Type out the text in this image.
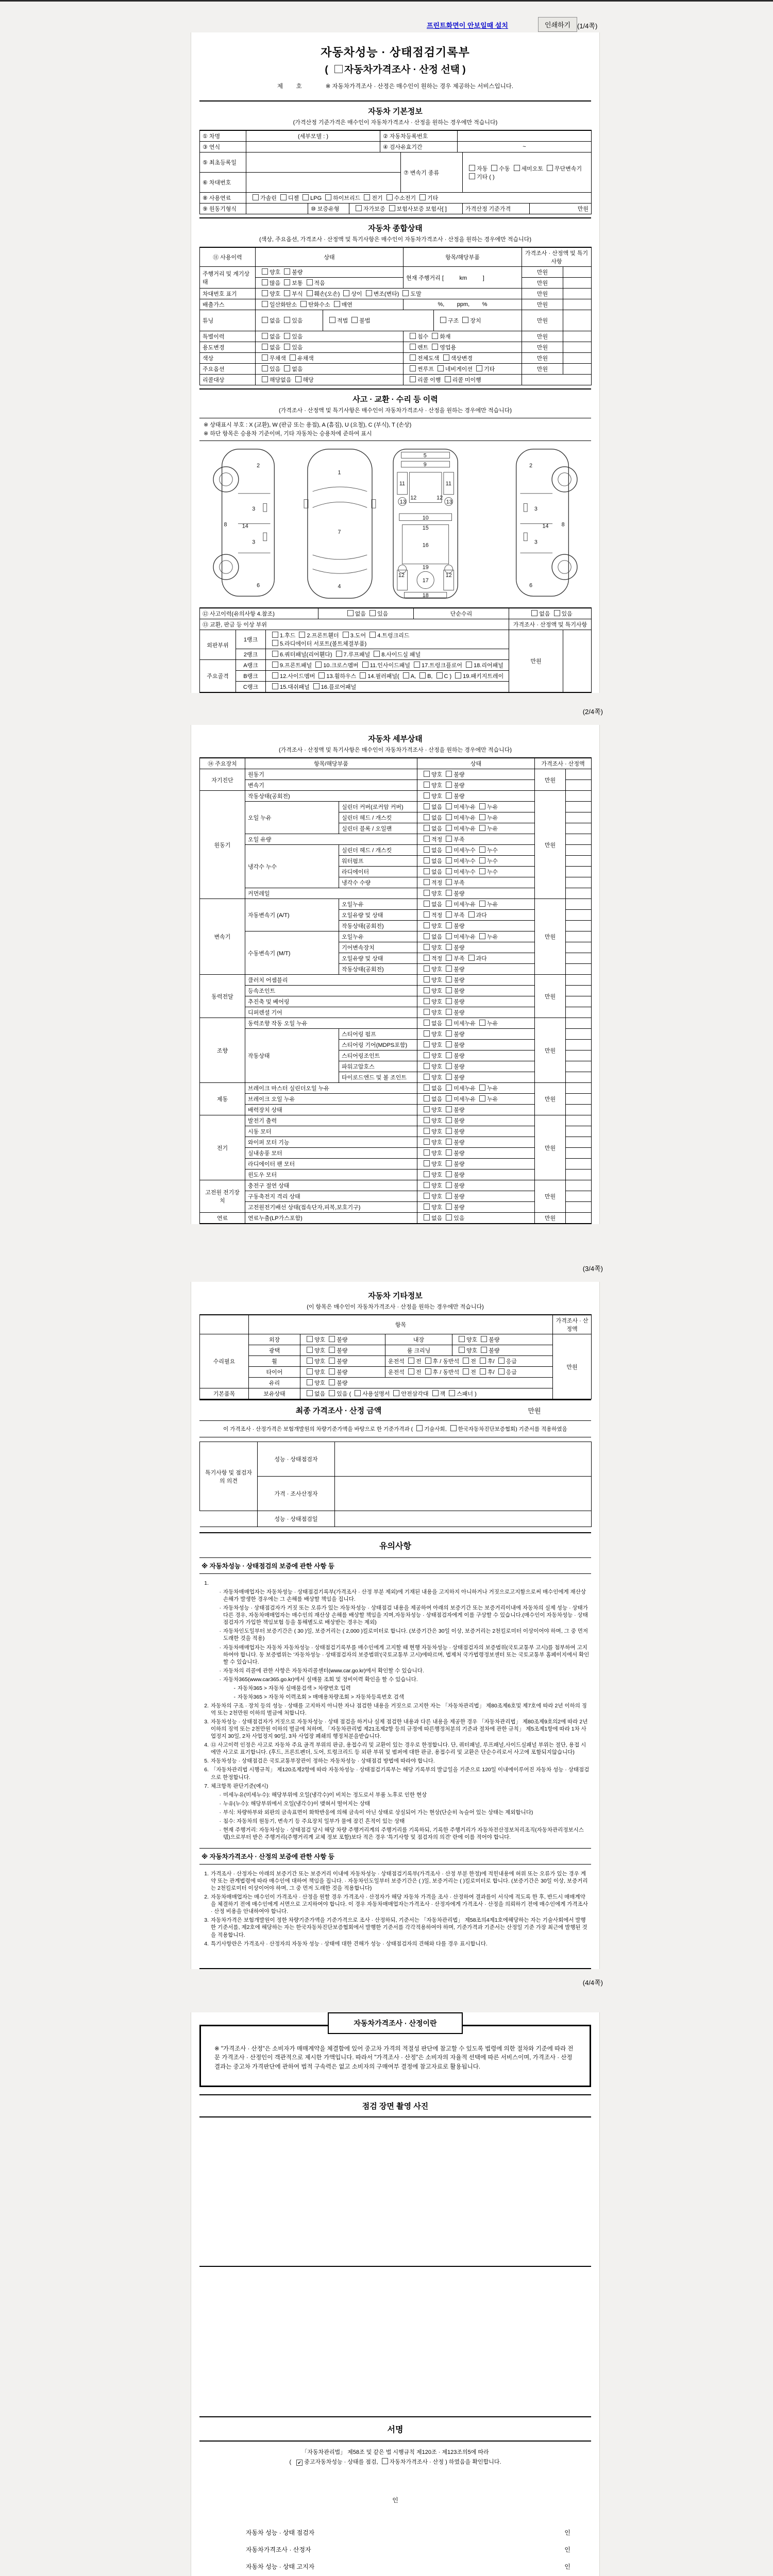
프린트화면이 안보일때 설치	인쇄하기 (1/4쪽)
자동차성능 · 상태점검기록부
( 자동차가격조사 · 산정 선택 )
제        호	※ 자동차가격조사 · 산정은 매수인이 원하는 경우 제공하는 서비스입니다.
자동차 기본정보
(가격산정 기준가격은 매수인이 자동차가격조사 · 산정을 원하는 경우에만 적습니다)
① 차명	(세부모델 : )	② 자동차등록번호	
③ 연식		④ 검사유효기간	~
⑤ 최초등록일		⑦ 변속기 종류	자동 수동 세미오토 무단변속기기타 ( )
⑥ 차대번호			
⑧ 사용연료	가솔린 디젤 LPG 하이브리드 전기 수소전기 기타		
⑨ 원동기형식		⑩ 보증유형	자가보증 보험사보증 보험사[ ]	가격산정 기준가격	만원
자동차 종합상태
(색상, 주요옵션, 가격조사 · 산정액 및 특기사항은 매수인이 자동차가격조사 · 산정을 원하는 경우에만 적습니다)
⑪ 사용이력	상태	항목/해당부품	가격조사 · 산정액 및 특기사항	
주행거리 및 계기상태	양호 불량	현재 주행거리 [          km          ]	만원	
	많음 보통 적음		만원	
차대번호 표기	양호 부식 훼손(오손) 상이 변조(변타) 도말		만원	
배출가스	일산화탄소 탄화수소 매연	%,        ppm,        %	만원	
튜닝	없음	있음	적법	불법	구조	장치	만원	
특별이력	없음 있음	침수 화재	만원	
용도변경	없음 있음	렌트 영업용	만원	
색상	무채색 유채색	전체도색 색상변경	만원	
주요옵션	있음 없음	썬루프 네비게이션 기타	만원	
리콜대상	해당없음 해당	리콜 이행 리콜 미이행		
사고 · 교환 · 수리 등 이력
(가격조사 · 산정액 및 특기사항은 매수인이 자동차가격조사 · 산정을 원하는 경우에만 적습니다)
※ 상태표시 부호 : X (교환), W (판금 또는 용접), A (흠집), U (요철), C (부식), T (손상)
※ 하단 항목은 승용차 기준이며, 기타 자동차는 승용차에 준하여 표시
2
3
3
6
8	14
1
7
4
5
9
11	11
12	12
13	13
10
15
16
19
17
12	12
18
2
3
3
6
8
14
⑫ 사고이력(유의사항 4.참조)	없음 있음	단순수리	없음 있음
⑬ 교환, 판금 등 이상 부위			가격조사 · 산정액 및 특기사항
외판부위	1랭크	1.후드 2.프론트휀더 3.도어 4.트렁크리드5.라디에이터 서포트(볼트체결부품)	만원	
	2랭크	6.쿼터패널(리어휀다) 7.루프패널 8.사이드실 패널		
주요골격	A랭크	9.프론트패널 10.크로스멤버 11.인사이드패널 17.트렁크플로어 18.리어패널		
	B랭크	12.사이드멤버 13.휠하우스 14.필러패널( A, B, C ) 19.패키지트레이		
	C랭크	15.대쉬패널 16.플로어패널		
(2/4쪽)
자동차 세부상태
(가격조사 · 산정액 및 특기사항은 매수인이 자동차가격조사 · 산정을 원하는 경우에만 적습니다)
⑭ 주요장치	항목/해당부품		상태	가격조사 · 산정액	
자기진단	원동기		양호 불량	만원	
	변속기		양호 불량		
원동기	작동상태(공회전)		양호 불량	만원	
	오일 누유	실린더 커버(로커암 커버)	없음 미세누유 누유		
		실린더 헤드 / 개스킷	없음 미세누유 누유		
		실린더 블록 / 오일팬	없음 미세누유 누유		
	오일 유량		적정 부족		
	냉각수 누수	실린더 헤드 / 개스킷	없음 미세누수 누수		
		워터펌프	없음 미세누수 누수		
		라디에이터	없음 미세누수 누수		
		냉각수 수량	적정 부족		
	커먼레일		양호 불량		
변속기	자동변속기 (A/T)	오일누유	없음 미세누유 누유	만원	
		오일유량 및 상태	적정 부족 과다		
		작동상태(공회전)	양호 불량		
	수동변속기 (M/T)	오일누유	없음 미세누유 누유		
		기어변속장치	양호 불량		
		오일유량 및 상태	적정 부족 과다		
		작동상태(공회전)	양호 불량		
동력전달	클러치 어셈블리		양호 불량	만원	
	등속조인트		양호 불량		
	추진축 및 베어링		양호 불량		
	디퍼렌셜 기어		양호 불량		
조향	동력조향 작동 오일 누유		없음 미세누유 누유	만원	
	작동상태	스티어링 펌프	양호 불량		
		스티어링 기어(MDPS포함)	양호 불량		
		스티어링조인트	양호 불량		
		파워고압호스	양호 불량		
		타이로드엔드 및 볼 조인트	양호 불량		
제동	브레이크 마스터 실린더오일 누유		없음 미세누유 누유	만원	
	브레이크 오일 누유		없음 미세누유 누유		
	배력장치 상태		양호 불량		
전기	발전기 출력		양호 불량	만원	
	시동 모터		양호 불량		
	와이퍼 모터 기능		양호 불량		
	실내송풍 모터		양호 불량		
	라디에이터 팬 모터		양호 불량		
	윈도우 모터		양호 불량		
고전원 전기장치	충전구 절연 상태		양호 불량	만원	
	구동축전지 격리 상태		양호 불량		
	고전원전기배선 상태(접속단자,피복,보호기구)		양호 불량		
연료	연료누출(LP가스포함)		없음 있음	만원	
(3/4쪽)
자동차 기타정보
(이 항목은 매수인이 자동차가격조사 · 산정을 원하는 경우에만 적습니다)
	항목				가격조사 · 산정액
수리필요	외장	양호 불량	내장	양호 불량	만원
	광택	양호 불량	룸 크리닝	양호 불량	
	휠	양호 불량	운전석 전 후 / 동반석 전 후/ 응급		
	타이어	양호 불량	운전석 전 후 / 동반석 전 후/ 응급		
	유리	양호 불량			
기본품목	보유상태	없음 있음 ( 사용설명서 안전삼각대 잭 스패너 )			
최종 가격조사 · 산정 금액	만원
이 가격조사 · 산정가격은 보험개발원의 차량기준가액을 바탕으로 한 기준가격과 ( 기술사회, 한국자동차진단보증협회) 기준서를 적용하였음
특기사항 및 점검자의 의견	성능 · 상태점검자	
	가격 · 조사산정자	
	성능 · 상태점검일	
유의사항
※ 자동차성능 · 상태점검의 보증에 관한 사항 등
1.
· 자동차매매업자는 자동차성능 · 상태점검기록부(가격조사 · 산정 부분 제외)에 기재된 내용을 고지하지 아니하거나 거짓으로고지함으로써 매수인에게 재산상 손해가 발생한 경우에는 그 손해를 배상할 책임을 집니다.
· 자동차성능 · 상태점검자가 거짓 또는 오류가 있는 자동차성능 · 상태점검 내용을 제공하여 아래의 보증기간 또는 보증거리이내에 자동차의 실제 성능 · 상태가 다른 경우, 자동차매매업자는 매수인의 재산상 손해를 배상할 책임을 지며,자동차성능 · 상태점검자에게 이를 구상할 수 있습니다.(매수인이 자동차성능 · 상태점검자가 가입한 책임보험 등을 통해별도로 배상받는 경우는 제외)
· 자동차인도일부터 보증기간은 ( 30 )일, 보증거리는 ( 2,000 )킬로미터로 합니다. (보증기간은 30일 이상, 보증거리는 2천킬로미터 이상이어야 하며, 그 중 먼저 도래한 것을 적용)
· 자동차매매업자는 자동차 자동차성능 · 상태점검기록부를 매수인에게 고지할 때 현행 자동차성능 · 상태점검자의 보증범위(국토교통부 고시)를 첨부하여 고지하여야 합니다. 동 보증범위는 '자동차성능 · 상태점검자의 보증범위'(국토교통부 고시)에따르며, 법제처 국가법령정보센터 또는 국토교통부 홈페이지에서 확인할 수 있습니다.
· 자동차의 리콜에 관한 사항은 자동차리콜센터(www.car.go.kr)에서 확인할 수 있습니다.
· 자동차365(www.car365.go.kr)에서 실매물 조회 및 정비이력 확인을 할 수 있습니다.
- 자동차365 > 자동차 실매물검색 > 차량번호 입력
- 자동차365 > 자동차 이력조회 > 매매용차량조회 > 자동차등록번호 검색
2. 자동차의 구조 · 장치 등의 성능 · 상태를 고지하지 아니한 자나 점검한 내용을 거짓으로 고지한 자는 「자동차관리법」 제80조제6호및 제7호에 따라 2년 이하의 징역 또는 2천만원 이하의 벌금에 처합니다.
3. 자동차성능 · 상태점검자가 거짓으로 자동차성능 · 상태 점검을 하거나 실제 점검한 내용과 다른 내용을 제공한 경우 「자동차관리법」 제80조제9호의2에 따라 2년 이하의 징역 또는 2천만원 이하의 벌금에 처하며, 「자동차관리법 제21조제2항 등의 규정에 따른행정처분의 기준과 절차에 관한 규칙」 제5조제1항에 따라 1차 사업정지 30일, 2차 사업정지 90일, 3차 사업장 폐쇄의 행정처분을받습니다.
4. ⑫ 사고이력 인정은 사고로 자동차 주요 골격 부위의 판금, 용접수리 및 교환이 있는 경우로 한정합니다. 단, 쿼터패널, 루프패널,사이드실패널 부위는 절단, 용접 시에만 사고로 표기합니다. (후드, 프론트펜더, 도어, 트렁크리드 등 외판 부위 및 범퍼에 대한 판금, 용접수리 및 교환은 단순수리로서 사고에 포함되지않습니다)
5. 자동차성능 · 상태점검은 국토교통부장관이 정하는 자동차성능 · 상태점검 방법에 따라야 합니다.
6. 「자동차관리법 시행규칙」 제120조제2항에 따라 자동차성능 · 상태점검기록부는 해당 기록부의 발급일을 기준으로 120일 이내에이루어진 자동차 성능 · 상태점검으로 한정합니다.
7. 체크항목 판단기준(예시)
· 미세누유(미세누수): 해당부위에 오일(냉각수)이 비치는 정도로서 부품 노후로 인한 현상
· 누유(누수): 해당부위에서 오일(냉각수)이 맺혀서 떨어지는 상태
· 부식: 차량하부와 외판의 금속표면이 화학반응에 의해 금속이 아닌 상태로 상실되어 가는 현상(단순히 녹슬어 있는 상태는 제외합니다)
· 침수: 자동차의 원동기, 변속기 등 주요장치 일부가 물에 잠긴 흔적이 있는 상태
· 현재 주행거리: 자동차성능 · 상태점검 당시 해당 차량 주행거리계의 주행거리를 기록하되, 기록한 주행거리가 자동차전산정보처리조직(자동차관리정보시스템)으로부터 받은 주행거리(주행거리계 교체 정보 포함)보다 적은 경우 '특기사항 및 점검자의 의견' 란에 이를 적어야 합니다.
※ 자동차가격조사 · 산정의 보증에 관한 사항 등
1. 가격조사 · 산정자는 아래의 보증기간 또는 보증거리 이내에 자동차성능 · 상태점검기록부(가격조사 · 산정 부분 한정)에 적힌내용에 허위 또는 오류가 있는 경우 계약 또는 관계법령에 따라 매수인에 대하여 책임을 집니다. · 자동차인도일부터 보증기간은 ( )일, 보증거리는 ( )킬로미터로 합니다. (보증기간은 30일 이상, 보증거리는 2천킬로미터 이상이어야 하며, 그 중 먼저 도래한 것을 적용합니다)
2. 자동차매매업자는 매수인이 가격조사 · 산정을 원할 경우 가격조사 · 산정자가 해당 자동차 가격을 조사 · 산정하여 결과를이 서식에 적도록 한 후, 반드시 매매계약을 체결하기 전에 매수인에게 서면으로 고지하여야 합니다. 이 경우 자동차매매업자는가격조사 · 산정자에게 가격조사 · 산정을 의뢰하기 전에 매수인에게 가격조사 · 산정 비용을 안내하여야 합니다.
3. 자동차가격은 보험개발원이 정한 차량기준가액을 기준가격으로 조사 · 산정하되, 기준서는 「자동차관리법」 제58조의4제1호에해당하는 자는 기술사회에서 발행한 기준서를, 제2호에 해당하는 자는 한국자동차진단보증협회에서 발행한 기준서를 각각적용하여야 하며, 기준가격과 기준서는 산정일 기준 가장 최근에 발행된 것을 적용합니다.
4. 특기사항란은 가격조사 · 산정자의 자동차 성능 · 상태에 대한 견해가 성능 · 상태점검자의 견해와 다를 경우 표시합니다.
(4/4쪽)
자동차가격조사 · 산정이란
※ "가격조사 · 산정"은 소비자가 매매계약을 체결함에 있어 중고차 가격의 적절성 판단에 참고할 수 있도록 법령에 의한 절차와 기준에 따라 전문 가격조사 · 산정인이 객관적으로 제시한 가액입니다. 따라서 "가격조사 · 산정"은 소비자의 자율적 선택에 따른 서비스이며, 가격조사 · 산정 결과는 중고차 가격판단에 관하여 법적 구속력은 없고 소비자의 구매여부 결정에 참고자료로 활용됩니다.
점검 장면 촬영 사진
서명
「자동차관리법」 제58조 및 같은 법 시행규칙 제120조 · 제123조의5에 따라
( ✔ 중고자동차성능 · 상태를 점검, 자동차가격조사 · 산정 ) 하였음을 확인합니다.
인
자동차 성능 · 상태 점검자	인
자동차가격조사 · 산정자	인
자동차 성능 · 상태 고지자	인
